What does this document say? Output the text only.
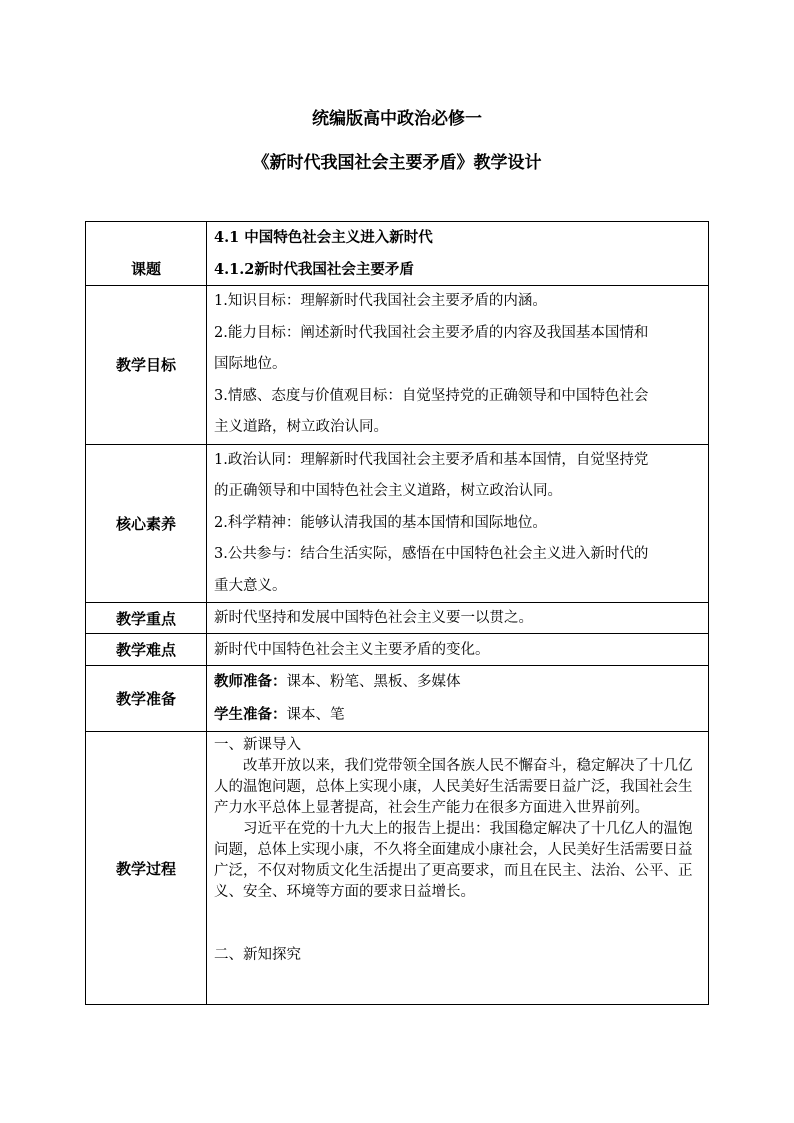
统编版高中政治必修一
《新时代我国社会主要矛盾》教学设计
课题	4.1 中国特色社会主义进入新时代
4.1.2新时代我国社会主要矛盾

教学目标	1.知识目标：理解新时代我国社会主要矛盾的内涵。
2.能力目标：阐述新时代我国社会主要矛盾的内容及我国基本国情和
国际地位。
3.情感、态度与价值观目标：自觉坚持党的正确领导和中国特色社会
主义道路，树立政治认同。

核心素养	1.政治认同：理解新时代我国社会主要矛盾和基本国情，自觉坚持党
的正确领导和中国特色社会主义道路，树立政治认同。
2.科学精神：能够认清我国的基本国情和国际地位。
3.公共参与：结合生活实际，感悟在中国特色社会主义进入新时代的
重大意义。

教学重点	新时代坚持和发展中国特色社会主义要一以贯之。

教学难点	新时代中国特色社会主义主要矛盾的变化。

教学准备	教师准备：课本、粉笔、黑板、多媒体
学生准备：课本、笔

教学过程	一、新课导入

改革开放以来，我们党带领全国各族人民不懈奋斗，稳定解决了十几亿人的温饱问题，总体上实现小康，人民美好生活需要日益广泛，我国社会生产力水平总体上显著提高，社会生产能力在很多方面进入世界前列。

习近平在党的十九大上的报告上提出：我国稳定解决了十几亿人的温饱问题，总体上实现小康，不久将全面建成小康社会，人民美好生活需要日益广泛，不仅对物质文化生活提出了更高要求，而且在民主、法治、公平、正义、安全、环境等方面的要求日益增长。

二、新知探究
